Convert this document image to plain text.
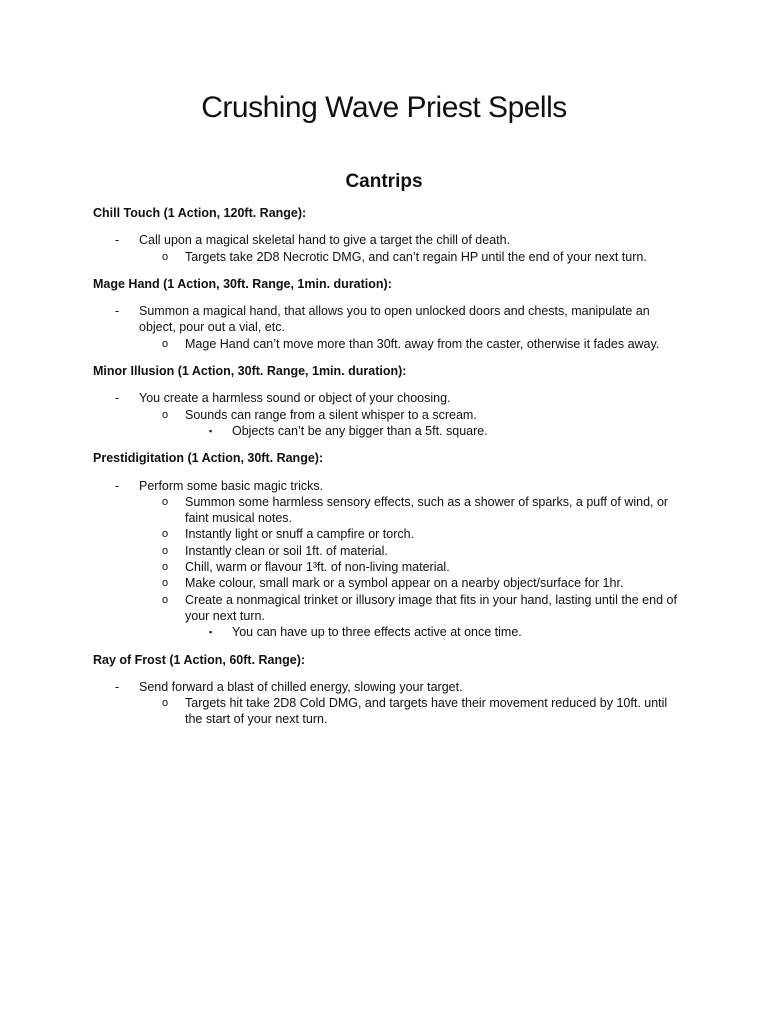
Crushing Wave Priest Spells
Cantrips
Chill Touch (1 Action, 120ft. Range):
- Call upon a magical skeletal hand to give a target the chill of death.
o Targets take 2D8 Necrotic DMG, and can’t regain HP until the end of your next turn.
Mage Hand (1 Action, 30ft. Range, 1min. duration):
- Summon a magical hand, that allows you to open unlocked doors and chests, manipulate an object, pour out a vial, etc.
o Mage Hand can’t move more than 30ft. away from the caster, otherwise it fades away.
Minor Illusion (1 Action, 30ft. Range, 1min. duration):
- You create a harmless sound or object of your choosing.
o Sounds can range from a silent whisper to a scream.
▪ Objects can’t be any bigger than a 5ft. square.
Prestidigitation (1 Action, 30ft. Range):
- Perform some basic magic tricks.
o Summon some harmless sensory effects, such as a shower of sparks, a puff of wind, or faint musical notes.
o Instantly light or snuff a campfire or torch.
o Instantly clean or soil 1ft. of material.
o Chill, warm or flavour 1³ft. of non-living material.
o Make colour, small mark or a symbol appear on a nearby object/surface for 1hr.
o Create a nonmagical trinket or illusory image that fits in your hand, lasting until the end of your next turn.
▪ You can have up to three effects active at once time.
Ray of Frost (1 Action, 60ft. Range):
- Send forward a blast of chilled energy, slowing your target.
o Targets hit take 2D8 Cold DMG, and targets have their movement reduced by 10ft. until the start of your next turn.
